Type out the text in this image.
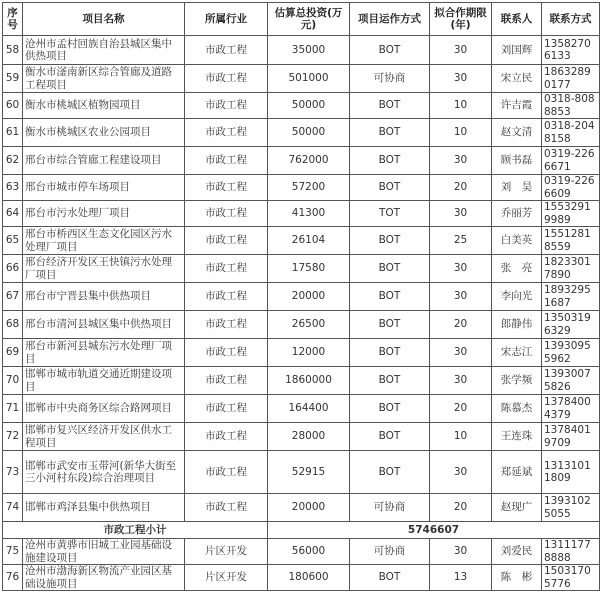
序号	项目名称	所属行业	估算总投资(万元)	项目运作方式	拟合作期限(年)	联系人	联系方式
58	沧州市孟村回族自治县城区集中供热项目	市政工程	35000	BOT	30	刘国辉	13582706133
59	衡水市滏南新区综合管廊及道路工程项目	市政工程	501000	可协商	30	宋立民	18632890177
60	衡水市桃城区植物园项目	市政工程	50000	BOT	10	许吉霞	0318-8088853
61	衡水市桃城区农业公园项目	市政工程	50000	BOT	10	赵文清	0318-2048158
62	邢台市综合管廊工程建设项目	市政工程	762000	BOT	30	顾书磊	0319-2266671
63	邢台市城市停车场项目	市政工程	57200	BOT	20	刘　昊	0319-2266609
64	邢台市污水处理厂项目	市政工程	41300	TOT	30	乔丽芳	15532919989
65	邢台市桥西区生态文化园区污水处理厂项目	市政工程	26104	BOT	25	白美英	15512818559
66	邢台经济开发区王快镇污水处理厂项目	市政工程	17580	BOT	30	张　亮	18233017890
67	邢台市宁晋县集中供热项目	市政工程	20000	BOT	30	李向光	18932951687
68	邢台市清河县城区集中供热项目	市政工程	26500	BOT	20	郎静伟	13503196329
69	邢台市新河县城东污水处理厂项目	市政工程	12000	BOT	30	宋志江	13930955962
70	邯郸市城市轨道交通近期建设项目	市政工程	1860000	BOT	30	张学频	13930075826
71	邯郸市中央商务区综合路网项目	市政工程	164400	BOT	20	陈慕杰	13784004379
72	邯郸市复兴区经济开发区供水工程项目	市政工程	28000	BOT	10	王连珠	13784019709
73	邯郸市武安市玉带河(新华大街至三小河村东段)综合治理项目	市政工程	52915	BOT	30	郑延斌	13131011809
74	邯郸市鸡泽县集中供热项目	市政工程	20000	可协商	20	赵现广	13931025055
市政工程小计			5746607				
75	沧州市黄骅市旧城工业园基础设施建设项目	片区开发	56000	可协商	30	刘爱民	13111778888
76	沧州市渤海新区物流产业园区基础设施项目	片区开发	180600	BOT	13	陈　彬	15031705776
